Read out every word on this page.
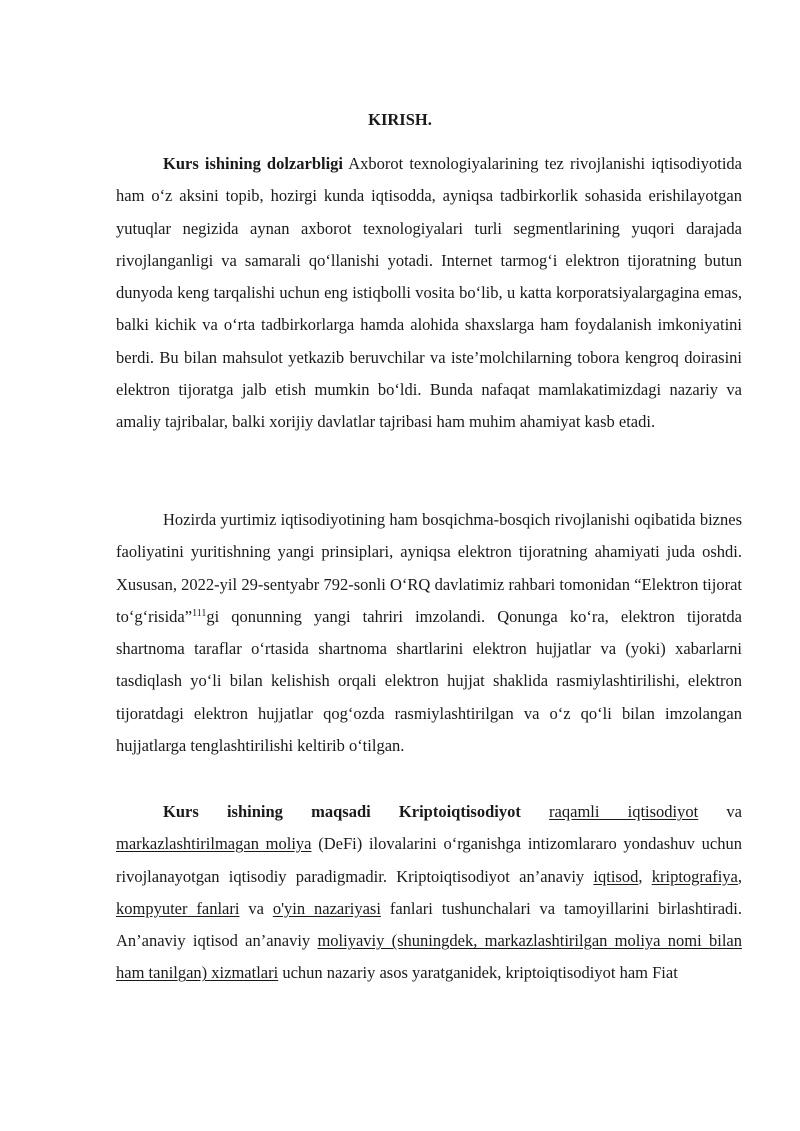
KIRISH.
Kurs ishining dolzarbligi Axborot texnologiyalarining tez rivojlanishi iqtisodiyotida ham o‘z aksini topib, hozirgi kunda iqtisodda, ayniqsa tadbirkorlik sohasida erishilayotgan yutuqlar negizida aynan axborot texnologiyalari turli segmentlarining yuqori darajada rivojlanganligi va samarali qo‘llanishi yotadi. Internet tarmog‘i elektron tijoratning butun dunyoda keng tarqalishi uchun eng istiqbolli vosita bo‘lib, u katta korporatsiyalargagina emas, balki kichik va o‘rta tadbirkorlarga hamda alohida shaxslarga ham foydalanish imkoniyatini berdi. Bu bilan mahsulot yetkazib beruvchilar va iste’molchilarning tobora kengroq doirasini elektron tijoratga jalb etish mumkin bo‘ldi. Bunda nafaqat mamlakatimizdagi nazariy va amaliy tajribalar, balki xorijiy davlatlar tajribasi ham muhim ahamiyat kasb etadi.
Hozirda yurtimiz iqtisodiyotining ham bosqichma-bosqich rivojlanishi oqibatida biznes faoliyatini yuritishning yangi prinsiplari, ayniqsa elektron tijoratning ahamiyati juda oshdi. Xususan, 2022-yil 29-sentyabr 792-sonli O‘RQ davlatimiz rahbari tomonidan “Elektron tijorat to‘g‘risida”$^{111}$gi qonunning yangi tahriri imzolandi. Qonunga ko‘ra, elektron tijoratda shartnoma taraflar o‘rtasida shartnoma shartlarini elektron hujjatlar va (yoki) xabarlarni tasdiqlash yo‘li bilan kelishish orqali elektron hujjat shaklida rasmiylashtirilishi, elektron tijoratdagi elektron hujjatlar qog‘ozda rasmiylashtirilgan va o‘z qo‘li bilan imzolangan hujjatlarga tenglashtirilishi keltirib o‘tilgan.
Kurs ishining maqsadi Kriptoiqtisodiyot raqamli iqtisodiyot va markazlashtirilmagan moliya (DeFi) ilovalarini o‘rganishga intizomlararo yondashuv uchun rivojlanayotgan iqtisodiy paradigmadir. Kriptoiqtisodiyot an’anaviy iqtisod, kriptografiya, kompyuter fanlari va o'yin nazariyasi fanlari tushunchalari va tamoyillarini birlashtiradi. An’anaviy iqtisod an’anaviy moliyaviy (shuningdek, markazlashtirilgan moliya nomi bilan ham tanilgan) xizmatlari uchun nazariy asos yaratganidek, kriptoiqtisodiyot ham Fiat
